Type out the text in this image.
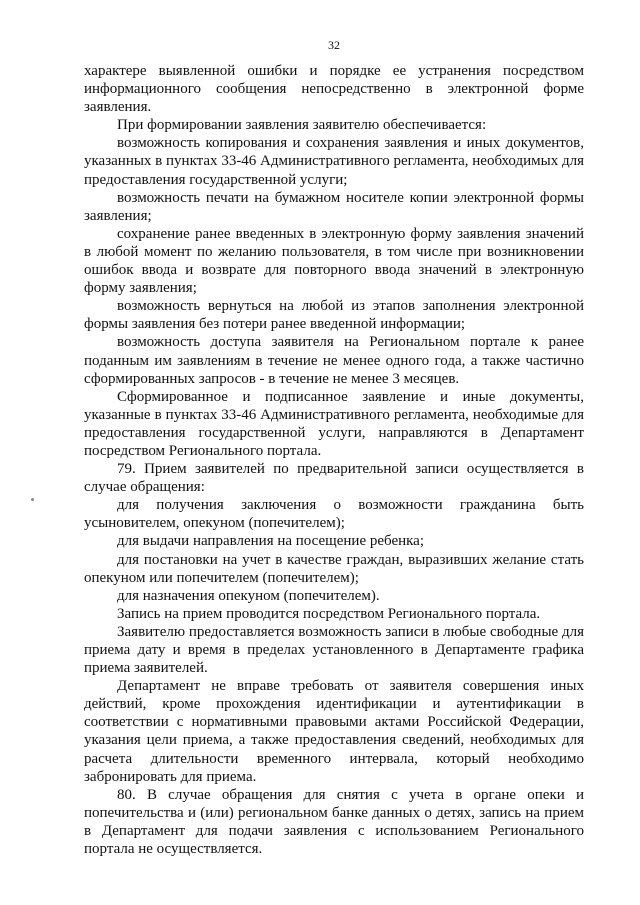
32

характере выявленной ошибки и порядке ее устранения посредством информационного сообщения непосредственно в электронной форме заявления.

При формировании заявления заявителю обеспечивается:

возможность копирования и сохранения заявления и иных документов, указанных в пунктах 33-46 Административного регламента, необходимых для предоставления государственной услуги;

возможность печати на бумажном носителе копии электронной формы заявления;

сохранение ранее введенных в электронную форму заявления значений в любой момент по желанию пользователя, в том числе при возникновении ошибок ввода и возврате для повторного ввода значений в электронную форму заявления;

возможность вернуться на любой из этапов заполнения электронной формы заявления без потери ранее введенной информации;

возможность доступа заявителя на Региональном портале к ранее поданным им заявлениям в течение не менее одного года, а также частично сформированных запросов - в течение не менее 3 месяцев.

Сформированное и подписанное заявление и иные документы, указанные в пунктах 33-46 Административного регламента, необходимые для предоставления государственной услуги, направляются в Департамент посредством Регионального портала.

79. Прием заявителей по предварительной записи осуществляется в случае обращения:

для получения заключения о возможности гражданина быть усыновителем, опекуном (попечителем);

для выдачи направления на посещение ребенка;

для постановки на учет в качестве граждан, выразивших желание стать опекуном или попечителем (попечителем);

для назначения опекуном (попечителем).

Запись на прием проводится посредством Регионального портала.

Заявителю предоставляется возможность записи в любые свободные для приема дату и время в пределах установленного в Департаменте графика приема заявителей.

Департамент не вправе требовать от заявителя совершения иных действий, кроме прохождения идентификации и аутентификации в соответствии с нормативными правовыми актами Российской Федерации, указания цели приема, а также предоставления сведений, необходимых для расчета длительности временного интервала, который необходимо забронировать для приема.

80. В случае обращения для снятия с учета в органе опеки и попечительства и (или) региональном банке данных о детях, запись на прием в Департамент для подачи заявления с использованием Регионального портала не осуществляется.
